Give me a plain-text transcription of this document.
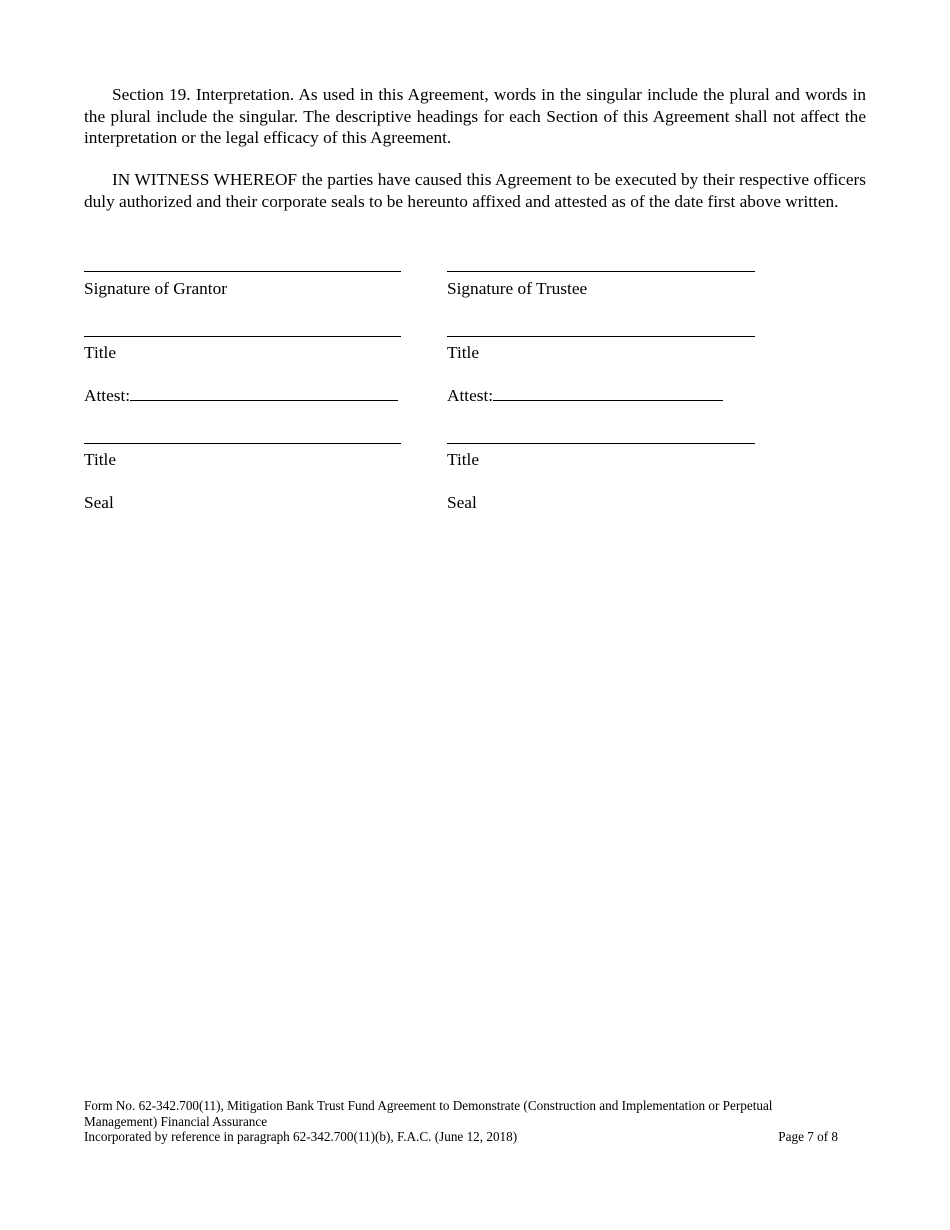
Section 19. Interpretation. As used in this Agreement, words in the singular include the plural and words in the plural include the singular. The descriptive headings for each Section of this Agreement shall not affect the interpretation or the legal efficacy of this Agreement.

IN WITNESS WHEREOF the parties have caused this Agreement to be executed by their respective officers duly authorized and their corporate seals to be hereunto affixed and attested as of the date first above written.

Signature of Grantor
Title
Attest:
Title
Seal
Signature of Trustee
Title
Attest:
Title
Seal
Form No. 62-342.700(11), Mitigation Bank Trust Fund Agreement to Demonstrate (Construction and Implementation or Perpetual Management) Financial Assurance
Incorporated by reference in paragraph 62-342.700(11)(b), F.A.C. (June 12, 2018)	Page 7 of 8
